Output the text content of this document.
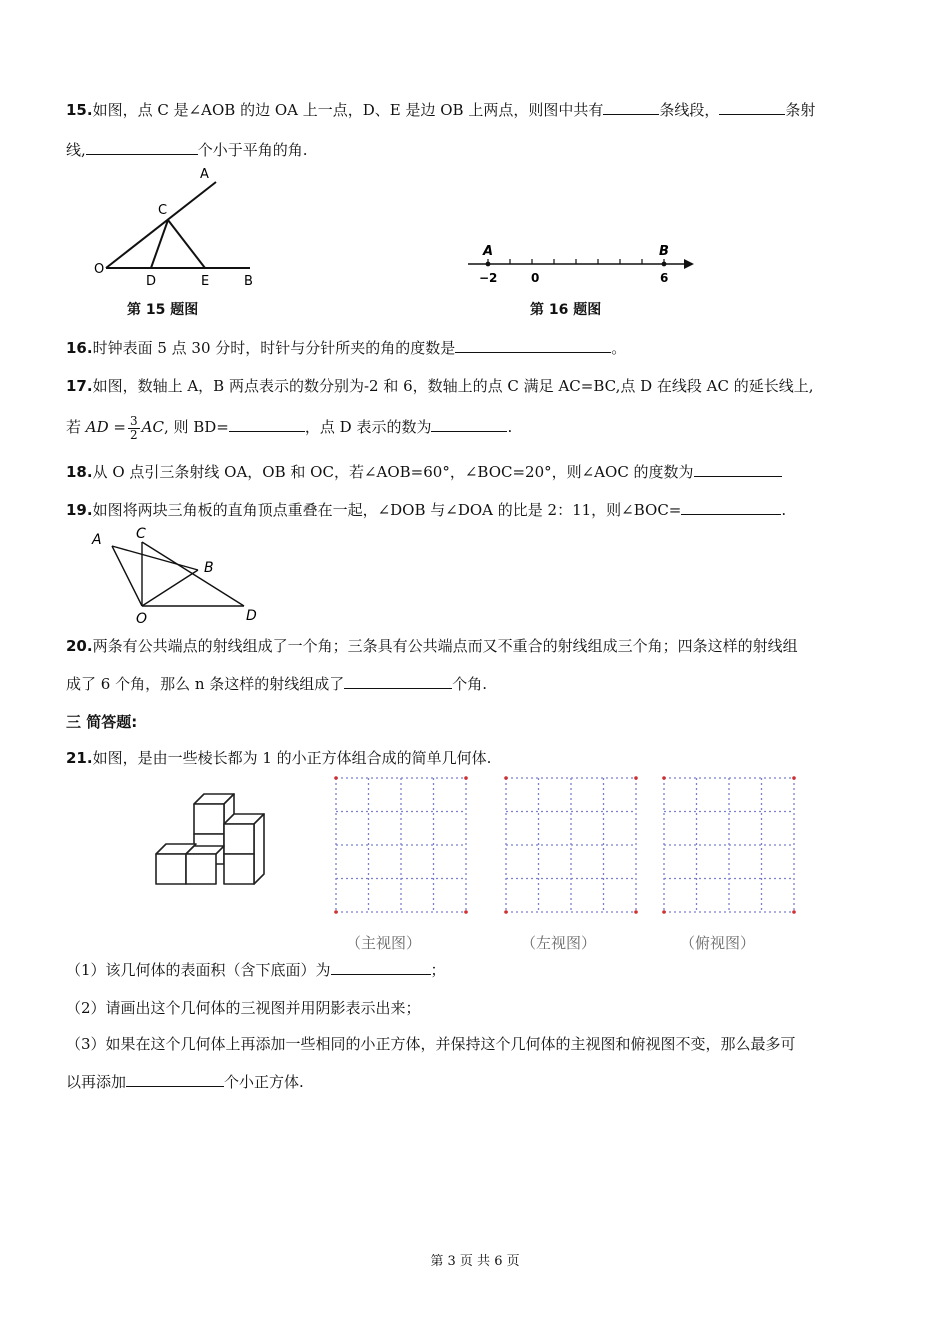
15.如图，点 C 是∠AOB 的边 OA 上一点，D、E 是边 OB 上两点，则图中共有	条线段，	条射
线,	个小于平角的角.
A
C
O
D	E	B
第 15 题图
A	B
−2	0	6
第 16 题图
16.时钟表面 5 点 30 分时，时针与分针所夹的角的度数是	。
17.如图，数轴上 A，B 两点表示的数分别为-2 和 6，数轴上的点 C 满足 AC=BC,点 D 在线段 AC 的延长线上,
若 AD = $\frac{3}{2}$ AC, 则 BD=	，点 D 表示的数为	.
18.从 O 点引三条射线 OA，OB 和 OC，若∠AOB=60°，∠BOC=20°，则∠AOC 的度数为
19.如图将两块三角板的直角顶点重叠在一起，∠DOB 与∠DOA 的比是 2：11，则∠BOC=	.
A C
B
O	D
20.两条有公共端点的射线组成了一个角；三条具有公共端点而又不重合的射线组成三个角；四条这样的射线组
成了 6 个角，那么 n 条这样的射线组成了	个角.
三 简答题:
21.如图，是由一些棱长都为 1 的小正方体组合成的简单几何体.
（主视图）	（左视图）	（俯视图）
（1）该几何体的表面积（含下底面）为	；
（2）请画出这个几何体的三视图并用阴影表示出来；
（3）如果在这个几何体上再添加一些相同的小正方体，并保持这个几何体的主视图和俯视图不变，那么最多可
以再添加	个小正方体.
第 3 页 共 6 页
